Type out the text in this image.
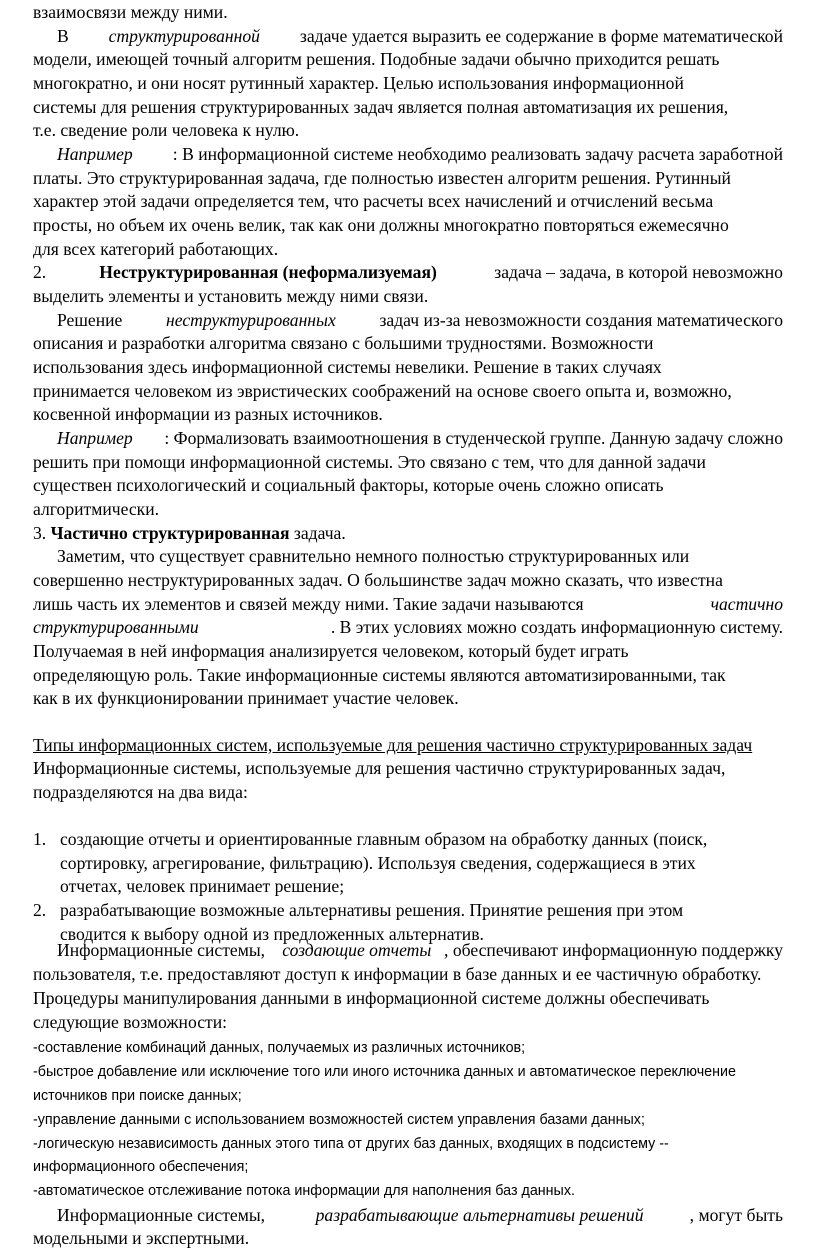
взаимосвязи между ними.
В структурированной задаче удается выразить ее содержание в форме математической
модели, имеющей точный алгоритм решения. Подобные задачи обычно приходится решать
многократно, и они носят рутинный характер. Целью использования информационной
системы для решения структурированных задач является полная автоматизация их решения,
т.е. сведение роли человека к нулю.
Например : В информационной системе необходимо реализовать задачу расчета заработной
платы. Это структурированная задача, где полностью известен алгоритм решения. Рутинный
характер этой задачи определяется тем, что расчеты всех начислений и отчислений весьма
просты, но объем их очень велик, так как они должны многократно повторяться ежемесячно
для всех категорий работающих.
2.	Неструктурированная (неформализуемая)	задача – задача, в которой невозможно
выделить элементы и установить между ними связи.
Решение неструктурированных задач из-за невозможности создания математического
описания и разработки алгоритма связано с большими трудностями. Возможности
использования здесь информационной системы невелики. Решение в таких случаях
принимается человеком из эвристических соображений на основе своего опыта и, возможно,
косвенной информации из разных источников.
Например : Формализовать взаимоотношения в студенческой группе. Данную задачу сложно
решить при помощи информационной системы. Это связано с тем, что для данной задачи
существен психологический и социальный факторы, которые очень сложно описать
алгоритмически.
3. Частично структурированная задача.
Заметим, что существует сравнительно немного полностью структурированных или
совершенно неструктурированных задач. О большинстве задач можно сказать, что известна
лишь часть их элементов и связей между ними. Такие задачи называются	частично
структурированными	. В этих условиях можно создать информационную систему.
Получаемая в ней информация анализируется человеком, который будет играть
определяющую роль. Такие информационные системы являются автоматизированными, так
как в их функционировании принимает участие человек.
Типы информационных систем, используемые для решения частично структурированных задач
Информационные системы, используемые для решения частично структурированных задач,
подразделяются на два вида:
1. создающие отчеты и ориентированные главным образом на обработку данных (поиск,
сортировку, агрегирование, фильтрацию). Используя сведения, содержащиеся в этих
отчетах, человек принимает решение;
2. разрабатывающие возможные альтернативы решения. Принятие решения при этом
сводится к выбору одной из предложенных альтернатив.
Информационные системы, создающие отчеты , обеспечивают информационную поддержку
пользователя, т.е. предоставляют доступ к информации в базе данных и ее частичную обработку.
Процедуры манипулирования данными в информационной системе должны обеспечивать
следующие возможности:
-составление комбинаций данных, получаемых из различных источников;
-быстрое добавление или исключение того или иного источника данных и автоматическое переключение
источников при поиске данных;
-управление данными с использованием возможностей систем управления базами данных;
-логическую независимость данных этого типа от других баз данных, входящих в подсистему --
информационного обеспечения;
-автоматическое отслеживание потока информации для наполнения баз данных.
Информационные системы,	разрабатывающие альтернативы решений	, могут быть
модельными и экспертными.
